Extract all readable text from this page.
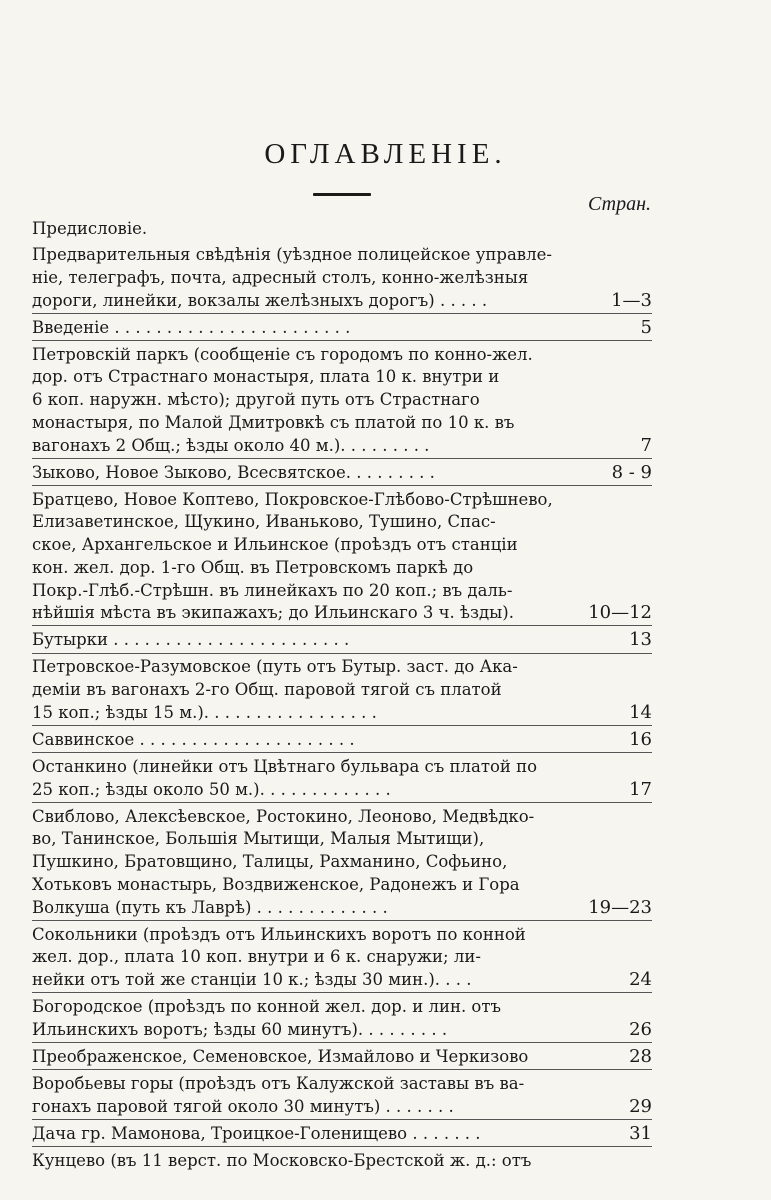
ОГЛАВЛЕНІЕ.
Стран.
Предисловіе.
Предварительныя свѣдѣнія (уѣздное полицейское управле-
ніе, телеграфъ, почта, адресный столъ, конно-желѣзныя
дороги, линейки, вокзалы желѣзныхъ дорогъ) . . . . .	1—3
Введеніе . . . . . . . . . . . . . . . . . . . . . . .	5
Петровскій паркъ (сообщеніе съ городомъ по конно-жел.
дор. отъ Страстнаго монастыря, плата 10 к. внутри и
6 коп. наружн. мѣсто); другой путь отъ Страстнаго
монастыря, по Малой Дмитровкѣ съ платой по 10 к. въ
вагонахъ 2 Общ.; ѣзды около 40 м.). . . . . . . . .	7
Зыково, Новое Зыково, Всесвятское. . . . . . . . .	8 - 9
Братцево, Новое Коптево, Покровское-Глѣбово-Стрѣшнево,
Елизаветинское, Щукино, Иваньково, Тушино, Спас-
ское, Архангельское и Ильинское (проѣздъ отъ станціи
кон. жел. дор. 1-го Общ. въ Петровскомъ паркѣ до
Покр.-Глѣб.-Стрѣшн. въ линейкахъ по 20 коп.; въ даль-
нѣйшія мѣста въ экипажахъ; до Ильинскаго 3 ч. ѣзды).	10—12
Бутырки . . . . . . . . . . . . . . . . . . . . . . .	13
Петровское-Разумовское (путь отъ Бутыр. заст. до Ака-
деміи въ вагонахъ 2-го Общ. паровой тягой съ платой
15 коп.; ѣзды 15 м.). . . . . . . . . . . . . . . . .	14
Саввинское . . . . . . . . . . . . . . . . . . . . .	16
Останкино (линейки отъ Цвѣтнаго бульвара съ платой по
25 коп.; ѣзды около 50 м.). . . . . . . . . . . . .	17
Свиблово, Алексѣевское, Ростокино, Леоново, Медвѣдко-
во, Танинское, Большія Мытищи, Малыя Мытищи),
Пушкино, Братовщино, Талицы, Рахманино, Софьино,
Хотьковъ монастырь, Воздвиженское, Радонежъ и Гора
Волкуша (путь къ Лаврѣ) . . . . . . . . . . . . .	19—23
Сокольники (проѣздъ отъ Ильинскихъ воротъ по конной
жел. дор., плата 10 коп. внутри и 6 к. снаружи; ли-
нейки отъ той же станціи 10 к.; ѣзды 30 мин.). . . .	24
Богородское (проѣздъ по конной жел. дор. и лин. отъ
Ильинскихъ воротъ; ѣзды 60 минутъ). . . . . . . . .	26
Преображенское, Семеновское, Измайлово и Черкизово	28
Воробьевы горы (проѣздъ отъ Калужской заставы въ ва-
гонахъ паровой тягой около 30 минутъ) . . . . . . .	29
Дача гр. Мамонова, Троицкое-Голенищево . . . . . . .	31
Кунцево (въ 11 верст. по Московско-Брестской ж. д.: отъ
